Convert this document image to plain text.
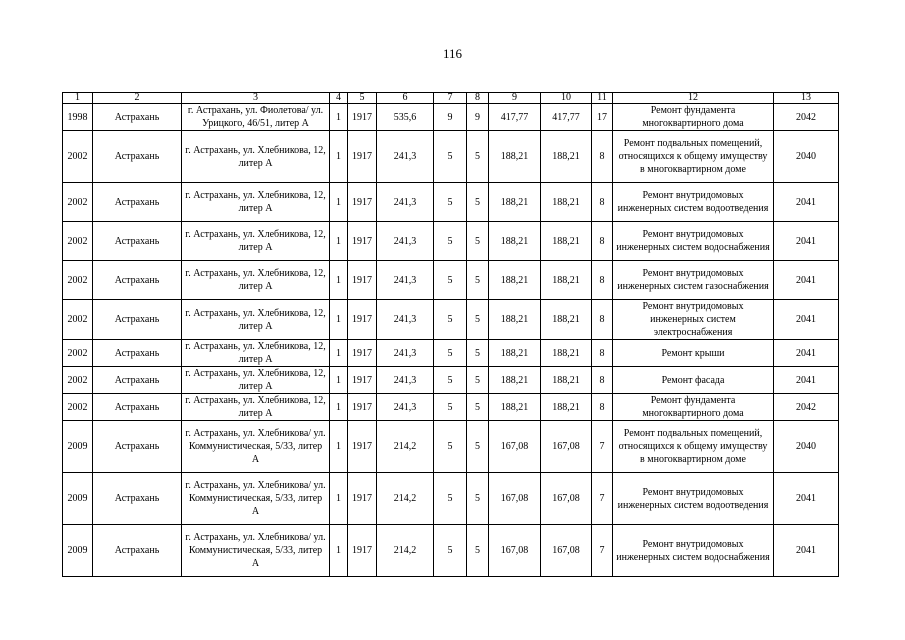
116
1	2	3	4	5	6	7	8	9	10	11	12	13
1998	Астрахань	г. Астрахань, ул. Фиолетова/ ул. Урицкого, 46/51, литер А	1	1917	535,6	9	9	417,77	417,77	17	Ремонт фундамента многоквартирного дома	2042
2002	Астрахань	г. Астрахань, ул. Хлебникова, 12, литер А	1	1917	241,3	5	5	188,21	188,21	8	Ремонт подвальных помещений, относящихся к общему имуществу в многоквартирном доме	2040
2002	Астрахань	г. Астрахань, ул. Хлебникова, 12, литер А	1	1917	241,3	5	5	188,21	188,21	8	Ремонт внутридомовых инженерных систем водоотведения	2041
2002	Астрахань	г. Астрахань, ул. Хлебникова, 12, литер А	1	1917	241,3	5	5	188,21	188,21	8	Ремонт внутридомовых инженерных систем водоснабжения	2041
2002	Астрахань	г. Астрахань, ул. Хлебникова, 12, литер А	1	1917	241,3	5	5	188,21	188,21	8	Ремонт внутридомовых инженерных систем газоснабжения	2041
2002	Астрахань	г. Астрахань, ул. Хлебникова, 12, литер А	1	1917	241,3	5	5	188,21	188,21	8	Ремонт внутридомовых инженерных систем электроснабжения	2041
2002	Астрахань	г. Астрахань, ул. Хлебникова, 12, литер А	1	1917	241,3	5	5	188,21	188,21	8	Ремонт крыши	2041
2002	Астрахань	г. Астрахань, ул. Хлебникова, 12, литер А	1	1917	241,3	5	5	188,21	188,21	8	Ремонт фасада	2041
2002	Астрахань	г. Астрахань, ул. Хлебникова, 12, литер А	1	1917	241,3	5	5	188,21	188,21	8	Ремонт фундамента многоквартирного дома	2042
2009	Астрахань	г. Астрахань, ул. Хлебникова/ ул. Коммунистическая, 5/33, литер А	1	1917	214,2	5	5	167,08	167,08	7	Ремонт подвальных помещений, относящихся к общему имуществу в многоквартирном доме	2040
2009	Астрахань	г. Астрахань, ул. Хлебникова/ ул. Коммунистическая, 5/33, литер А	1	1917	214,2	5	5	167,08	167,08	7	Ремонт внутридомовых инженерных систем водоотведения	2041
2009	Астрахань	г. Астрахань, ул. Хлебникова/ ул. Коммунистическая, 5/33, литер А	1	1917	214,2	5	5	167,08	167,08	7	Ремонт внутридомовых инженерных систем водоснабжения	2041
